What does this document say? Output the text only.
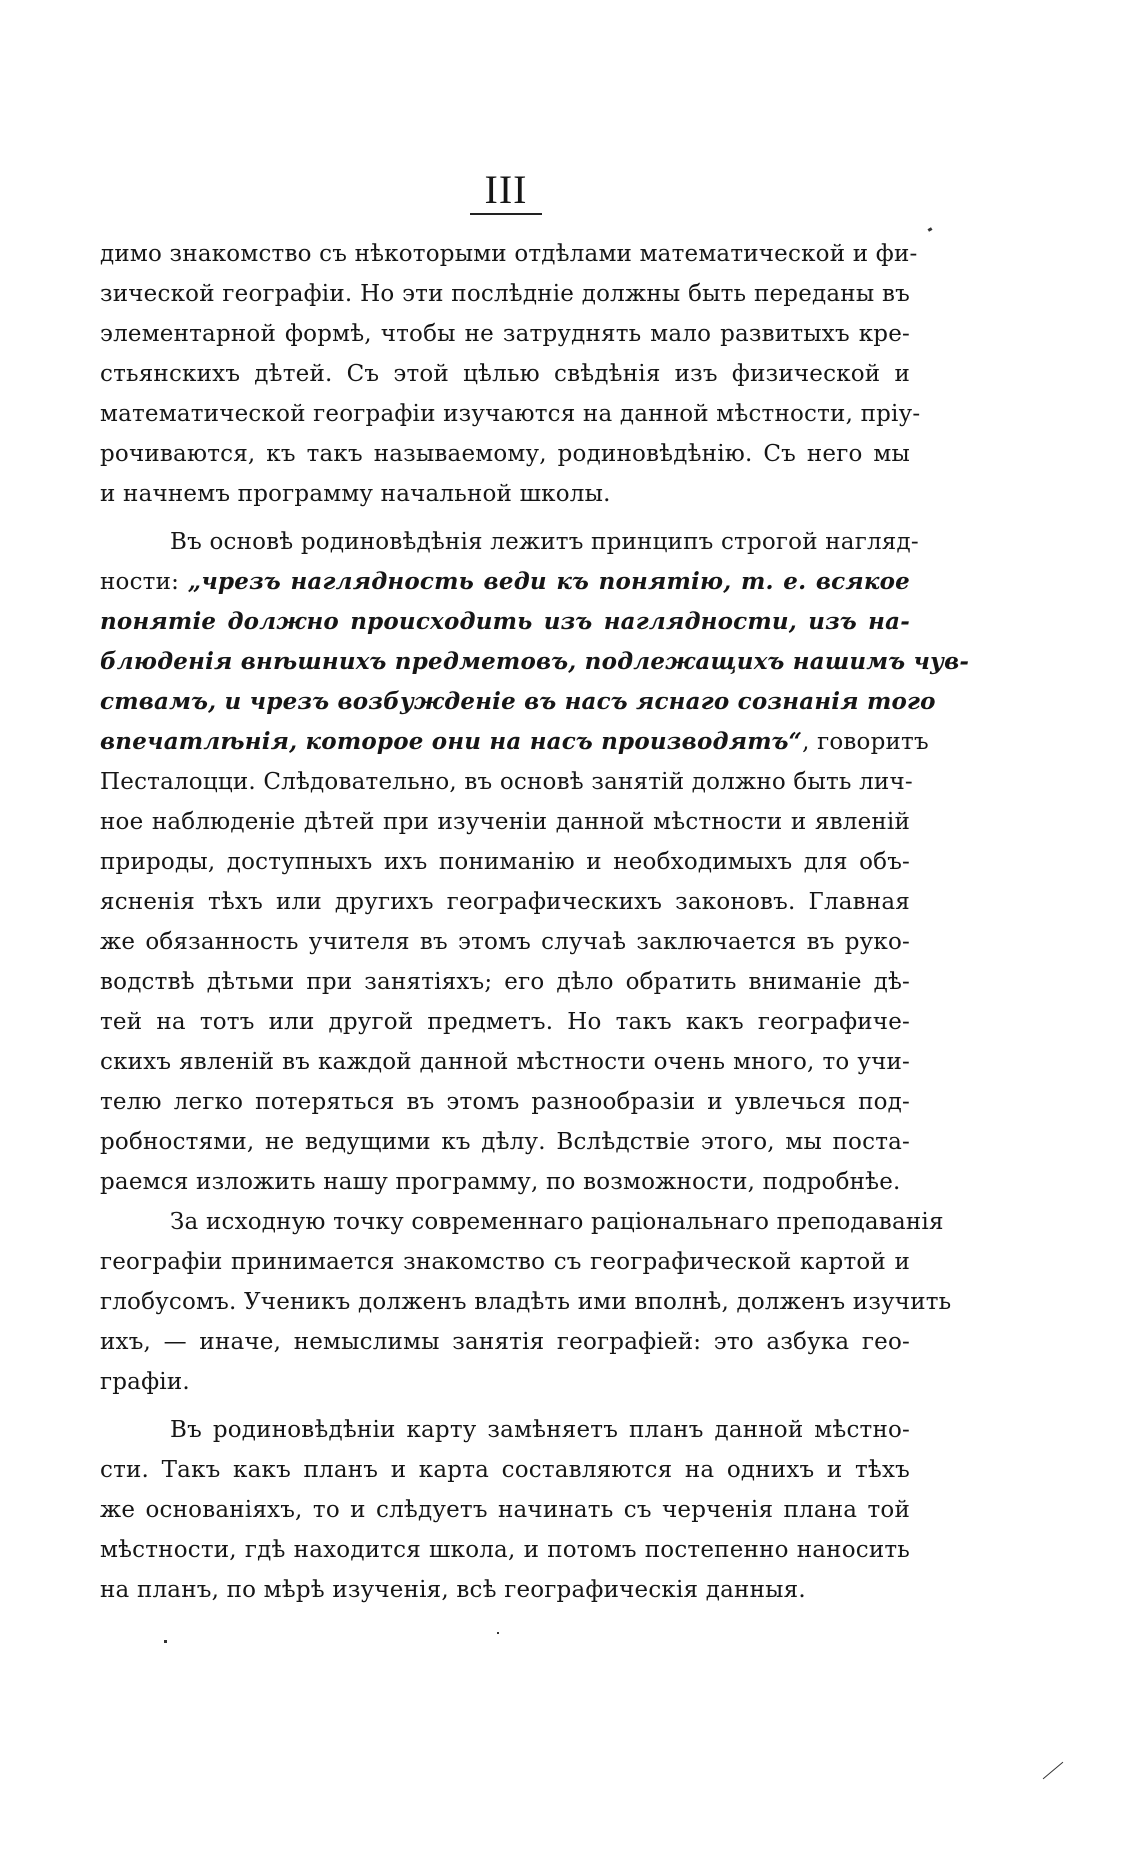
III
димо знакомство съ нѣкоторыми отдѣлами математической и фи-
зической географіи. Но эти послѣдніе должны быть переданы въ
элементарной формѣ, чтобы не затруднять мало развитыхъ кре-
стьянскихъ дѣтей. Съ этой цѣлью свѣдѣнія изъ физической и
математической географіи изучаются на данной мѣстности, пріу-
рочиваются, къ такъ называемому, родиновѣдѣнію. Съ него мы
и начнемъ программу начальной школы.
Въ основѣ родиновѣдѣнія лежитъ принципъ строгой нагляд-
ности: „чрезъ наглядность веди къ понятію, т. е. всякое
понятіе должно происходить изъ наглядности, изъ на-
блюденія внѣшнихъ предметовъ, подлежащихъ нашимъ чув-
ствамъ, и чрезъ возбужденіе въ насъ яснаго сознанія того
впечатлѣнія, которое они на насъ производятъ“, говоритъ
Песталоцци. Слѣдовательно, въ основѣ занятій должно быть лич-
ное наблюденіе дѣтей при изученіи данной мѣстности и явленій
природы, доступныхъ ихъ пониманію и необходимыхъ для объ-
ясненія тѣхъ или другихъ географическихъ законовъ. Главная
же обязанность учителя въ этомъ случаѣ заключается въ руко-
водствѣ дѣтьми при занятіяхъ; его дѣло обратить вниманіе дѣ-
тей на тотъ или другой предметъ. Но такъ какъ географиче-
скихъ явленій въ каждой данной мѣстности очень много, то учи-
телю легко потеряться въ этомъ разнообразіи и увлечься под-
робностями, не ведущими къ дѣлу. Вслѣдствіе этого, мы поста-
раемся изложить нашу программу, по возможности, подробнѣе.
За исходную точку современнаго раціональнаго преподаванія
географіи принимается знакомство съ географической картой и
глобусомъ. Ученикъ долженъ владѣть ими вполнѣ, долженъ изучить
ихъ, — иначе, немыслимы занятія географіей: это азбука гео-
графіи.
Въ родиновѣдѣніи карту замѣняетъ планъ данной мѣстно-
сти. Такъ какъ планъ и карта составляются на однихъ и тѣхъ
же основаніяхъ, то и слѣдуетъ начинать съ черченія плана той
мѣстности, гдѣ находится школа, и потомъ постепенно наносить
на планъ, по мѣрѣ изученія, всѣ географическія данныя.
